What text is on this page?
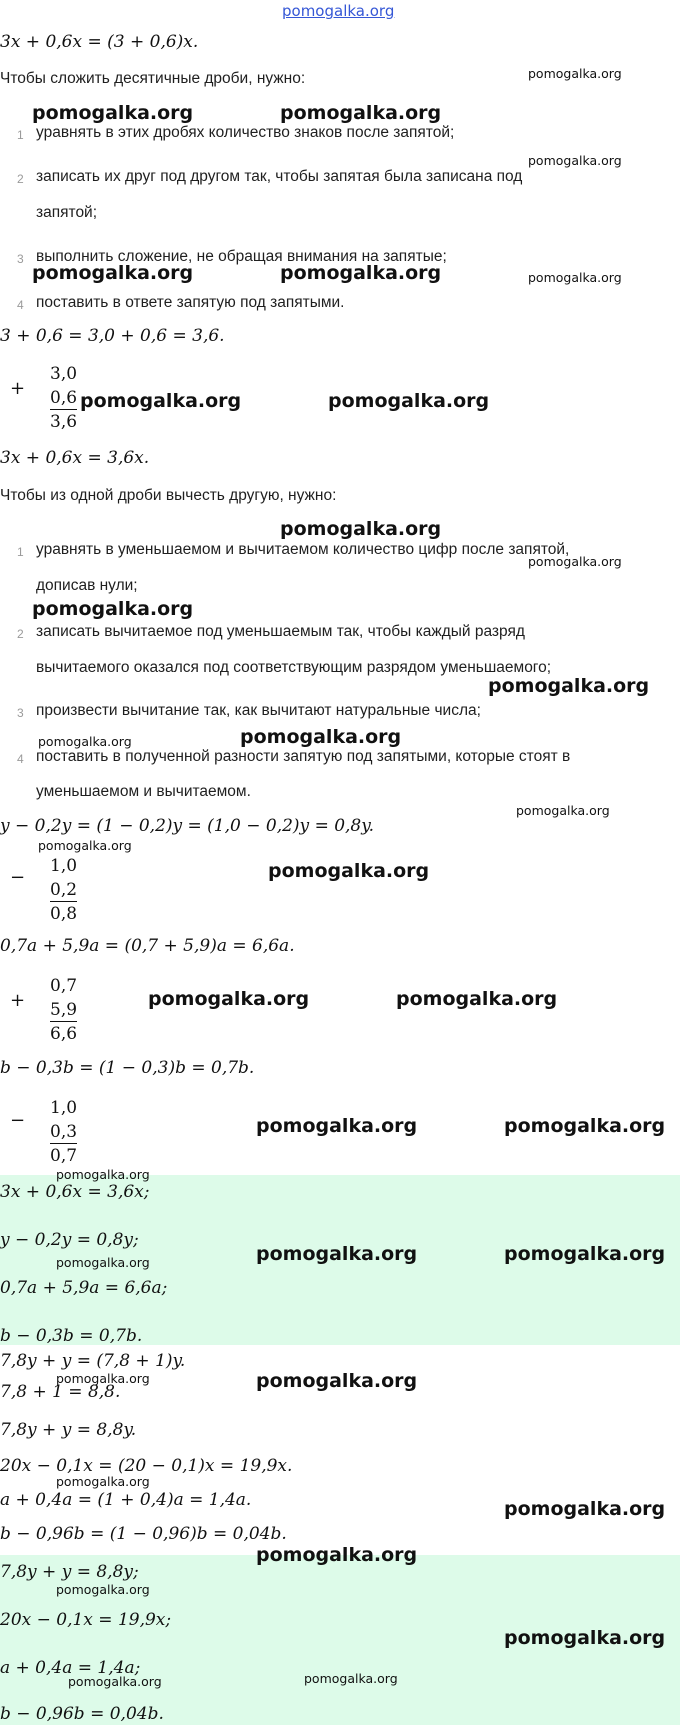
pomogalka.org
3x + 0,6x = (3 + 0,6)x.
Чтобы сложить десятичные дроби, нужно:
1 уравнять в этих дробях количество знаков после запятой;
2 записать их друг под другом так, чтобы запятая была записана под
запятой;
3 выполнить сложение, не обращая внимания на запятые;
4 поставить в ответе запятую под запятыми.
3 + 0,6 = 3,0 + 0,6 = 3,6.
+
3,0
0,6
3,6
3x + 0,6x = 3,6x.
Чтобы из одной дроби вычесть другую, нужно:
1 уравнять в уменьшаемом и вычитаемом количество цифр после запятой,
дописав нули;
2 записать вычитаемое под уменьшаемым так, чтобы каждый разряд
вычитаемого оказался под соответствующим разрядом уменьшаемого;
3 произвести вычитание так, как вычитают натуральные числа;
4 поставить в полученной разности запятую под запятыми, которые стоят в
уменьшаемом и вычитаемом.
y − 0,2y = (1 − 0,2)y = (1,0 − 0,2)y = 0,8y.
−
1,0
0,2
0,8
0,7a + 5,9a = (0,7 + 5,9)a = 6,6a.
+
0,7
5,9
6,6
b − 0,3b = (1 − 0,3)b = 0,7b.
−
1,0
0,3
0,7
3x + 0,6x = 3,6x;
y − 0,2y = 0,8y;
0,7a + 5,9a = 6,6a;
b − 0,3b = 0,7b.
7,8y + y = (7,8 + 1)y.
7,8 + 1 = 8,8.
7,8y + y = 8,8y.
20x − 0,1x = (20 − 0,1)x = 19,9x.
a + 0,4a = (1 + 0,4)a = 1,4a.
b − 0,96b = (1 − 0,96)b = 0,04b.
7,8y + y = 8,8y;
20x − 0,1x = 19,9x;
a + 0,4a = 1,4a;
b − 0,96b = 0,04b.
pomogalka.org
pomogalka.org	pomogalka.org
pomogalka.org
pomogalka.org	pomogalka.org	pomogalka.org
pomogalka.org	pomogalka.org
pomogalka.org
pomogalka.org
pomogalka.org
pomogalka.org
pomogalka.org	pomogalka.org
pomogalka.org
pomogalka.org
pomogalka.org
pomogalka.org	pomogalka.org
pomogalka.org	pomogalka.org
pomogalka.org
pomogalka.org	pomogalka.org
pomogalka.org
pomogalka.org
pomogalka.org
pomogalka.org
pomogalka.org
pomogalka.org
pomogalka.org
pomogalka.org
pomogalka.org	pomogalka.org
